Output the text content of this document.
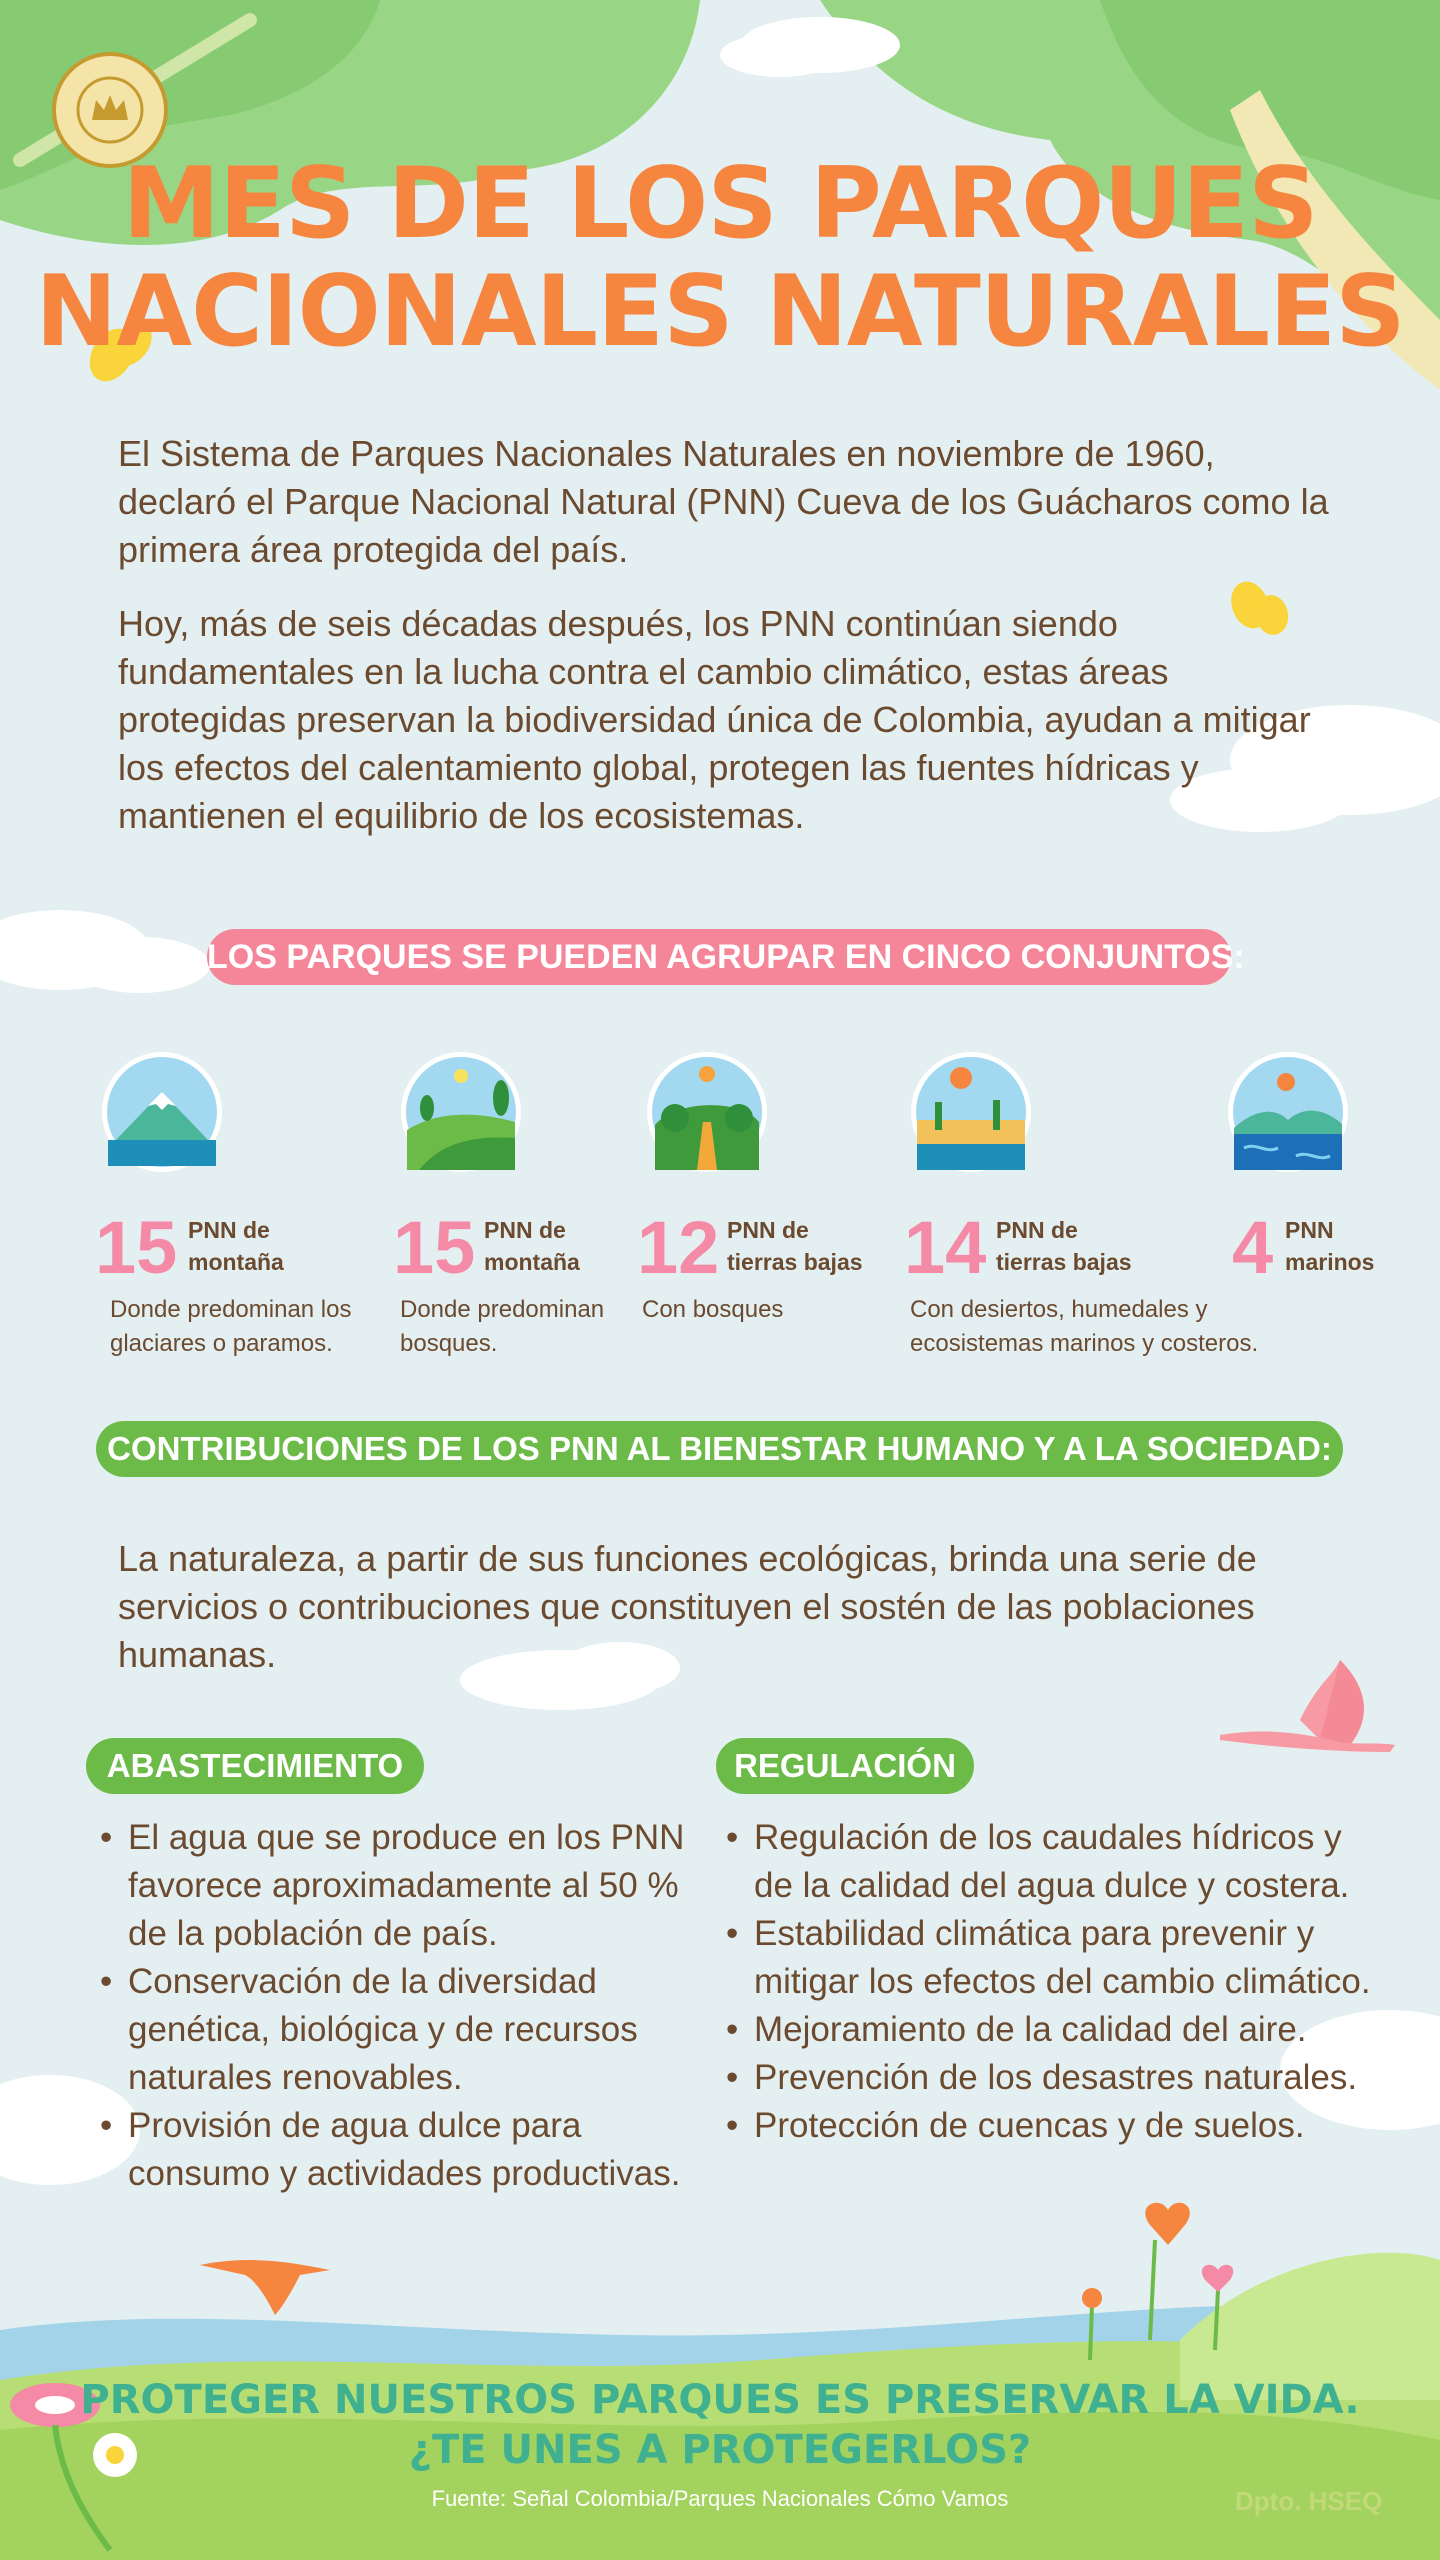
MES DE LOS PARQUES
NACIONALES NATURALES
El Sistema de Parques Nacionales Naturales en noviembre de 1960, declaró el Parque Nacional Natural (PNN) Cueva de los Guácharos como la primera área protegida del país.
Hoy, más de seis décadas después, los PNN continúan siendo fundamentales en la lucha contra el cambio climático, estas áreas protegidas preservan la biodiversidad única de Colombia, ayudan a mitigar los efectos del calentamiento global, protegen las fuentes hídricas y mantienen el equilibrio de los ecosistemas.
LOS PARQUES SE PUEDEN AGRUPAR EN CINCO CONJUNTOS:
15 PNN de
montaña
Donde predominan los glaciares o paramos.
15 PNN de
montaña
Donde predominan bosques.
12 PNN de
tierras bajas
Con bosques
14 PNN de
tierras bajas
Con desiertos, humedales y ecosistemas marinos y costeros.
4 PNN
marinos
CONTRIBUCIONES DE LOS PNN AL BIENESTAR HUMANO Y A LA SOCIEDAD:
La naturaleza, a partir de sus funciones ecológicas, brinda una serie de servicios o contribuciones que constituyen el sostén de las poblaciones humanas.
ABASTECIMIENTO
• El agua que se produce en los PNN favorece aproximadamente al 50 % de la población de país.
• Conservación de la diversidad genética, biológica y de recursos naturales renovables.
• Provisión de agua dulce para consumo y actividades productivas.
REGULACIÓN
• Regulación de los caudales hídricos y de la calidad del agua dulce y costera.
• Estabilidad climática para prevenir y mitigar los efectos del cambio climático.
• Mejoramiento de la calidad del aire.
• Prevención de los desastres naturales.
• Protección de cuencas y de suelos.
PROTEGER NUESTROS PARQUES ES PRESERVAR LA VIDA.
¿TE UNES A PROTEGERLOS?
Fuente: Señal Colombia/Parques Nacionales Cómo Vamos	Dpto. HSEQ
